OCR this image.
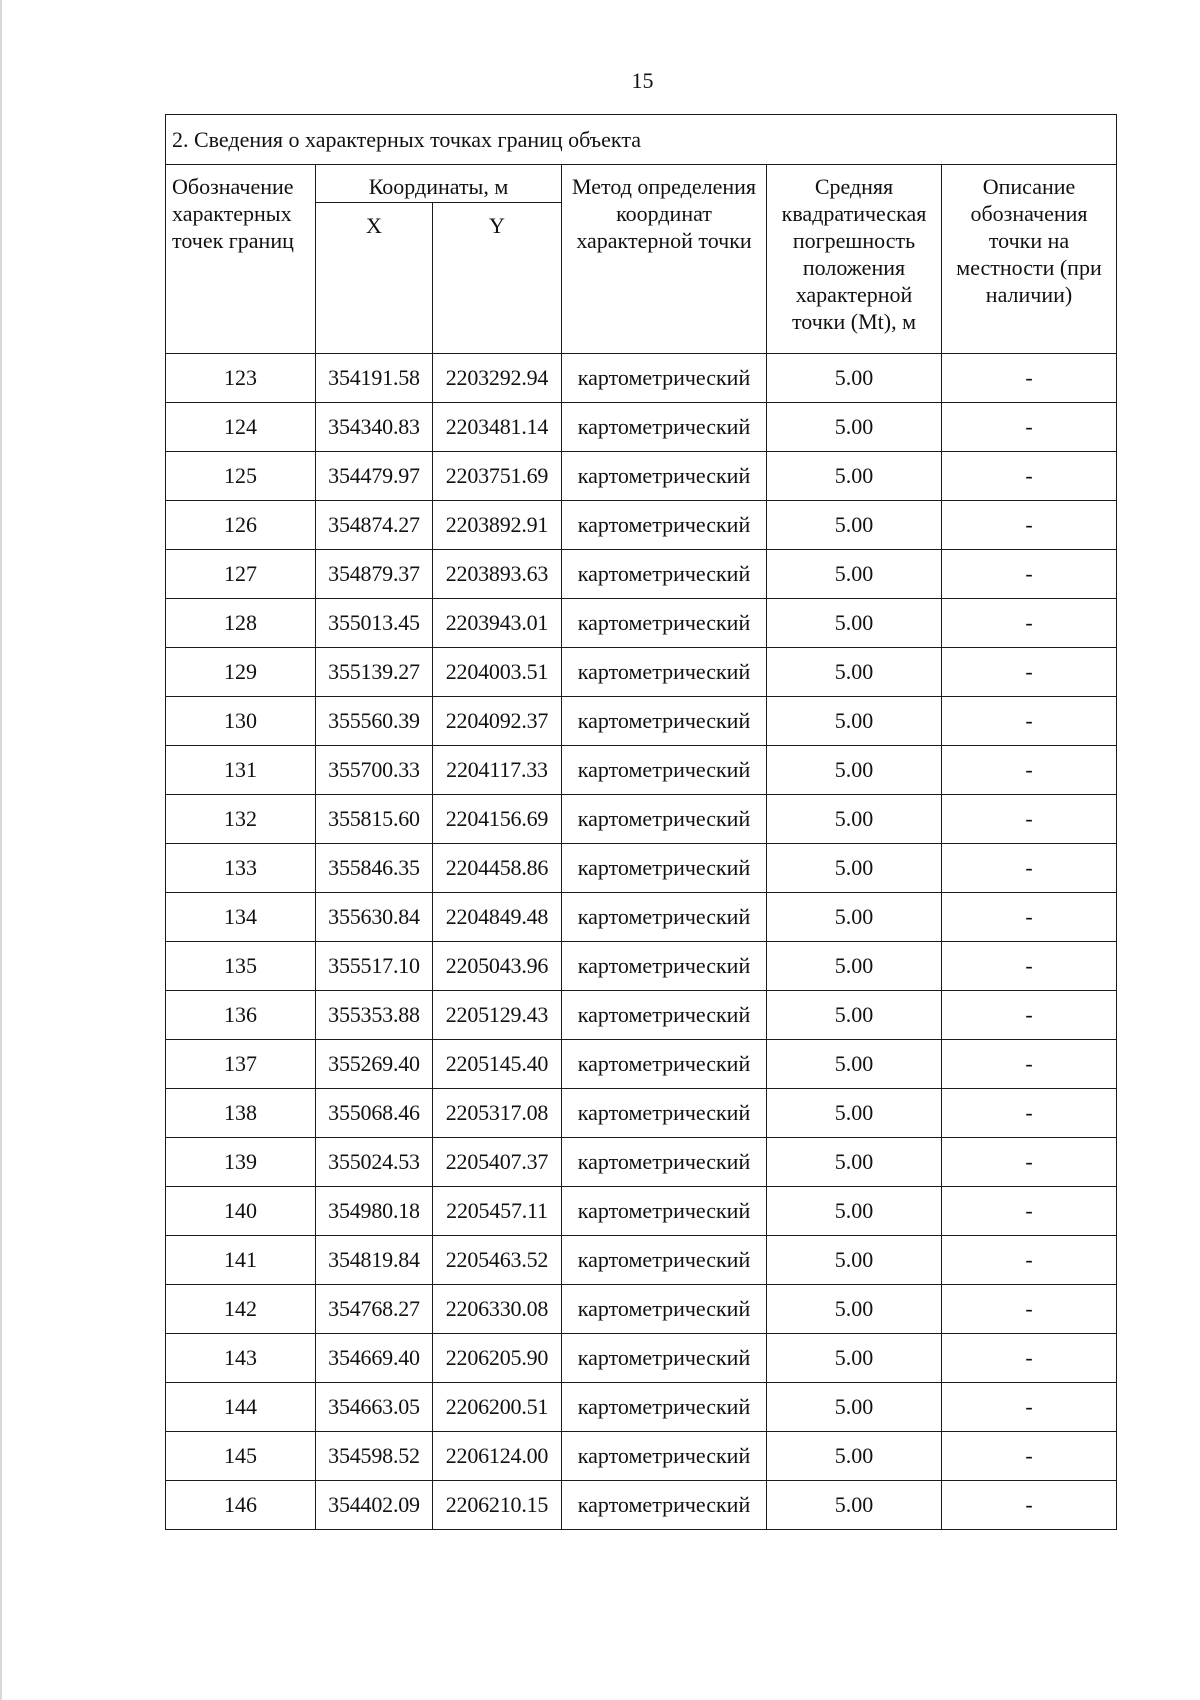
15
2. Сведения о характерных точках границ объекта					
Обозначение характерных точек границ	Координаты, м		Метод определения координат характерной точки	Средняя квадратическая погрешность положения характерной точки (Mt), м	Описание обозначения точки на местности (при наличии)
	X	Y			
123	354191.58	2203292.94	картометрический	5.00	-
124	354340.83	2203481.14	картометрический	5.00	-
125	354479.97	2203751.69	картометрический	5.00	-
126	354874.27	2203892.91	картометрический	5.00	-
127	354879.37	2203893.63	картометрический	5.00	-
128	355013.45	2203943.01	картометрический	5.00	-
129	355139.27	2204003.51	картометрический	5.00	-
130	355560.39	2204092.37	картометрический	5.00	-
131	355700.33	2204117.33	картометрический	5.00	-
132	355815.60	2204156.69	картометрический	5.00	-
133	355846.35	2204458.86	картометрический	5.00	-
134	355630.84	2204849.48	картометрический	5.00	-
135	355517.10	2205043.96	картометрический	5.00	-
136	355353.88	2205129.43	картометрический	5.00	-
137	355269.40	2205145.40	картометрический	5.00	-
138	355068.46	2205317.08	картометрический	5.00	-
139	355024.53	2205407.37	картометрический	5.00	-
140	354980.18	2205457.11	картометрический	5.00	-
141	354819.84	2205463.52	картометрический	5.00	-
142	354768.27	2206330.08	картометрический	5.00	-
143	354669.40	2206205.90	картометрический	5.00	-
144	354663.05	2206200.51	картометрический	5.00	-
145	354598.52	2206124.00	картометрический	5.00	-
146	354402.09	2206210.15	картометрический	5.00	-
